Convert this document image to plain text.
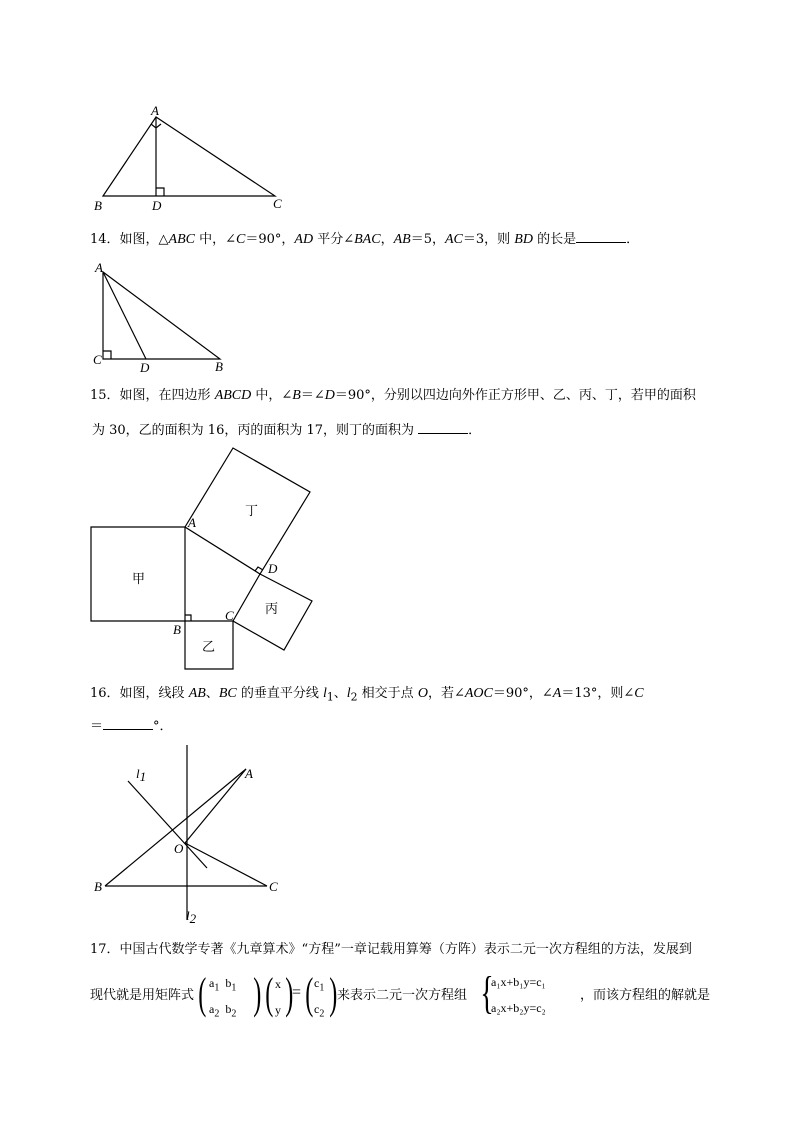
A
B	D	C
14．如图，△ABC 中，∠C＝90°，AD 平分∠BAC，AB＝5，AC＝3，则 BD 的长是	．
A
C
D	B
15．如图，在四边形 ABCD 中，∠B＝∠D＝90°，分别以四边向外作正方形甲、乙、丙、丁，若甲的面积
为 30，乙的面积为 16，丙的面积为 17，则丁的面积为	．
甲
乙
丙
丁
A
B
C
D
16．如图，线段 AB、BC 的垂直平分线 $l_1$、$l_2$ 相交于点 O，若∠AOC＝90°，∠A＝13°，则∠C
＝	°．
l1	A
O
B	C
l2
17．中国古代数学专著《九章算术》“方程”一章记载用算筹（方阵）表示二元一次方程组的方法，发展到
现代就是用矩阵式 ( $a_1$ $b_1$
$a_2$ $b_2$ ) ( x
y )
= ( $c_1$
$c_2$ ) 来表示二元一次方程组 {
a₁x+b₁y=c₁
a₂x+b₂y=c₂
，而该方程组的解就是
